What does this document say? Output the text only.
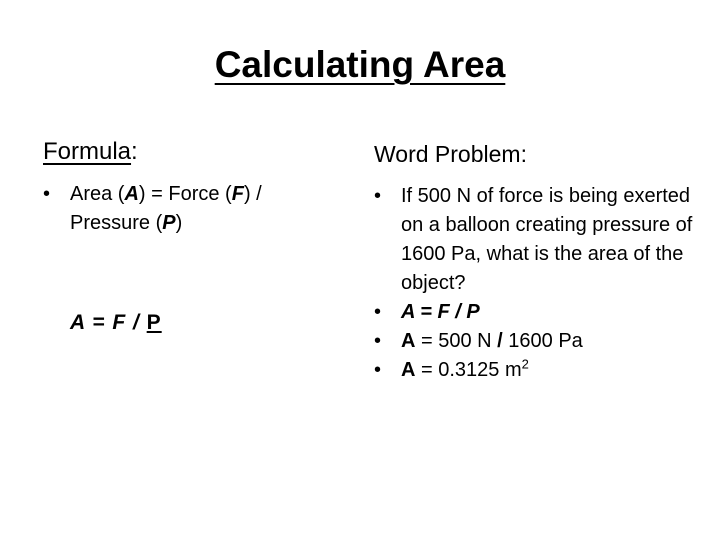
Calculating Area
Formula:
• Area (A) = Force (F) / Pressure (P)
A = F / P
Word Problem:
• If 500 N of force is being exerted on a balloon creating pressure of 1600 Pa, what is the area of the object?
• A = F / P
• A = 500 N / 1600 Pa
• A = 0.3125 $m^2$
